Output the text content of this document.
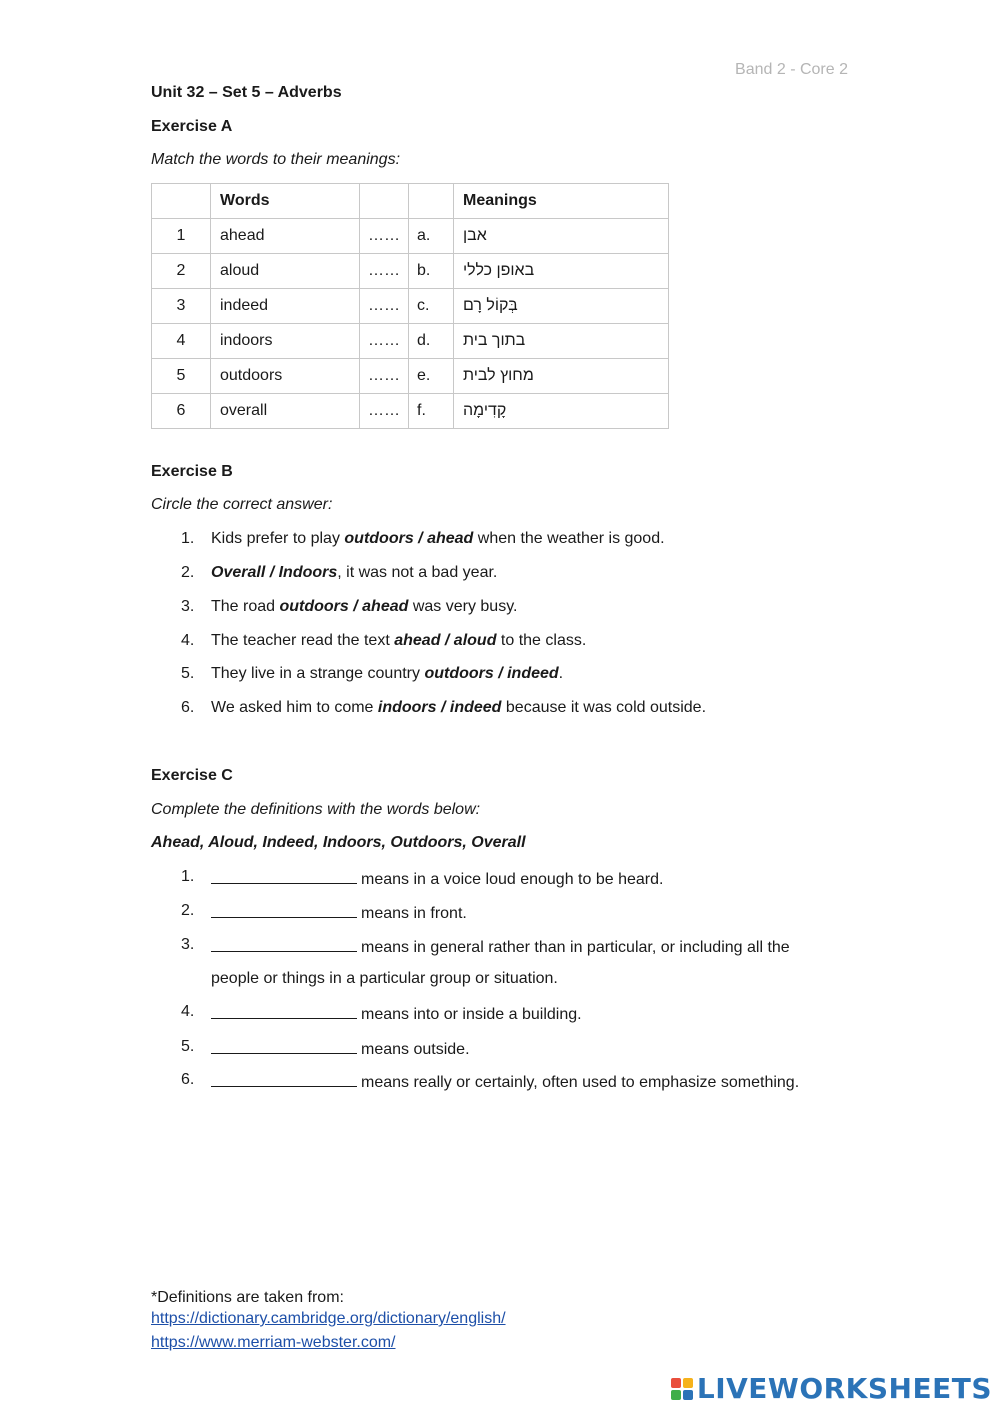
Band 2 - Core 2
Unit 32 – Set 5 – Adverbs
Exercise A
Match the words to their meanings:
	Words			Meanings
1	ahead	……	a.	אבן
2	aloud	……	b.	באופן כללי
3	indeed	……	c.	בְּקוֹל רָם
4	indoors	……	d.	בתוך בית
5	outdoors	……	e.	מחוץ לבית
6	overall	……	f.	קָדִימָה
Exercise B
Circle the correct answer:
1.	Kids prefer to play outdoors / ahead when the weather is good.
2.	Overall / Indoors, it was not a bad year.
3.	The road outdoors / ahead was very busy.
4.	The teacher read the text ahead / aloud to the class.
5.	They live in a strange country outdoors / indeed.
6.	We asked him to come indoors / indeed because it was cold outside.
Exercise C
Complete the definitions with the words below:
Ahead, Aloud, Indeed, Indoors, Outdoors, Overall
1.	means in a voice loud enough to be heard.
2.	means in front.
3.	means in general rather than in particular, or including all the
people or things in a particular group or situation.
4.	means into or inside a building.
5.	means outside.
6.	means really or certainly, often used to emphasize something.
*Definitions are taken from:
https://dictionary.cambridge.org/dictionary/english/
https://www.merriam-webster.com/
LIVEWORKSHEETS
